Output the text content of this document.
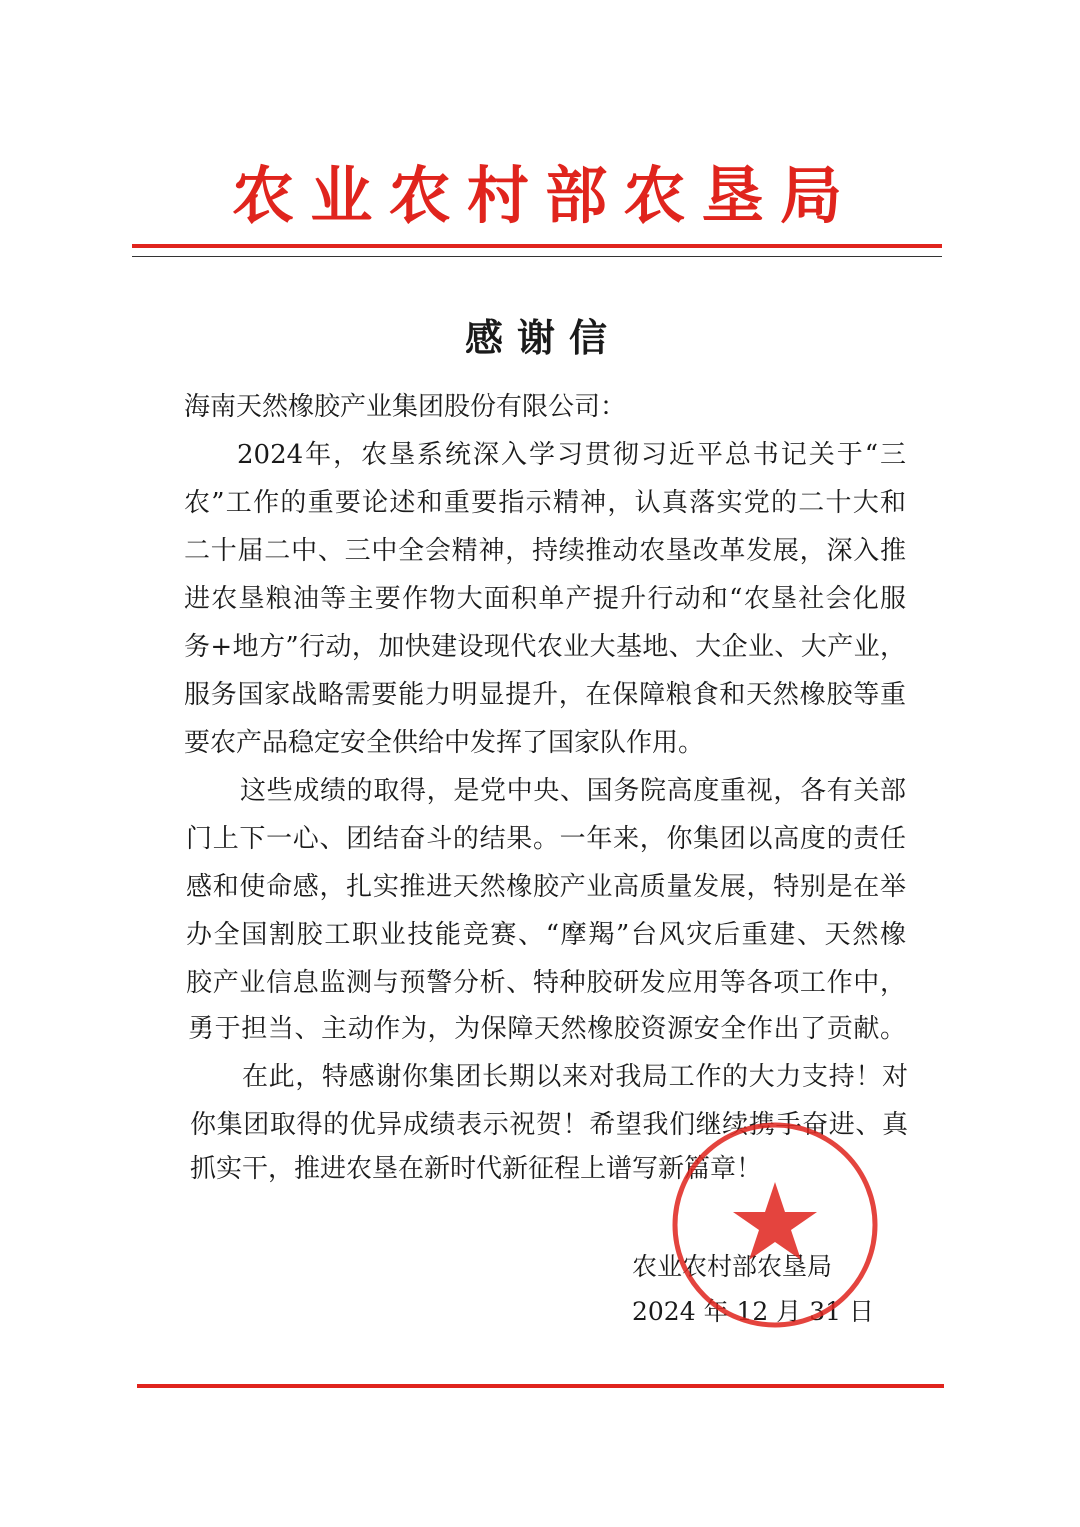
农业农村部农垦局
感谢信
海南天然橡胶产业集团股份有限公司：
2024年，农垦系统深入学习贯彻习近平总书记关于“三
农”工作的重要论述和重要指示精神，认真落实党的二十大和
二十届二中、三中全会精神，持续推动农垦改革发展，深入推
进农垦粮油等主要作物大面积单产提升行动和“农垦社会化服
务+地方”行动，加快建设现代农业大基地、大企业、大产业，
服务国家战略需要能力明显提升，在保障粮食和天然橡胶等重
要农产品稳定安全供给中发挥了国家队作用。
这些成绩的取得，是党中央、国务院高度重视，各有关部
门上下一心、团结奋斗的结果。一年来，你集团以高度的责任
感和使命感，扎实推进天然橡胶产业高质量发展，特别是在举
办全国割胶工职业技能竞赛、“摩羯”台风灾后重建、天然橡
胶产业信息监测与预警分析、特种胶研发应用等各项工作中，
勇于担当、主动作为，为保障天然橡胶资源安全作出了贡献。
在此，特感谢你集团长期以来对我局工作的大力支持！对
你集团取得的优异成绩表示祝贺！希望我们继续携手奋进、真
抓实干，推进农垦在新时代新征程上谱写新篇章！
农业农村部农垦局
2024 年 12 月 31 日
